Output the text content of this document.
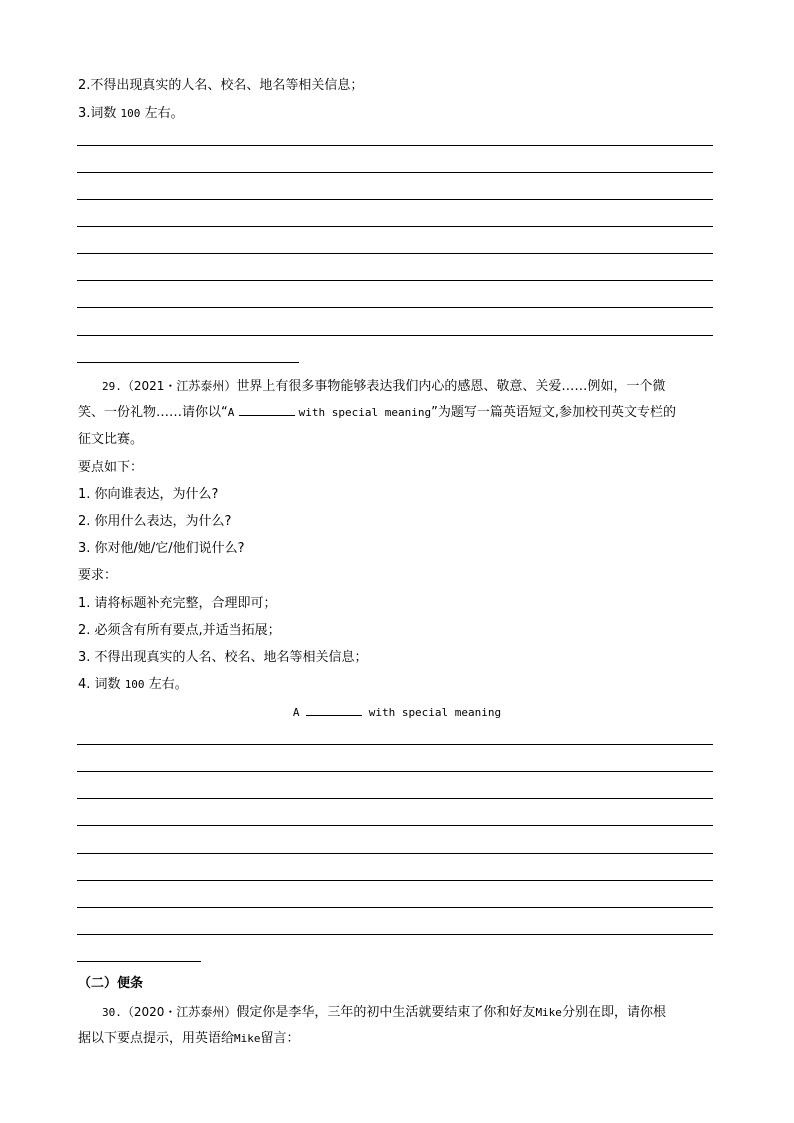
2.不得出现真实的人名、校名、地名等相关信息；
3.词数 100 左右。
29.（2021・江苏泰州）世界上有很多事物能够表达我们内心的感恩、敬意、关爱……例如，一个微
笑、一份礼物……请你以“A	with special meaning”为题写一篇英语短文,参加校刊英文专栏的
征文比赛。
要点如下：
1. 你向谁表达，为什么?
2. 你用什么表达，为什么?
3. 你对他/她/它/他们说什么?
要求：
1. 请将标题补充完整，合理即可；
2. 必须含有所有要点,并适当拓展；
3. 不得出现真实的人名、校名、地名等相关信息；
4. 词数 100 左右。
A	with special meaning
（二）便条
30.（2020・江苏泰州）假定你是李华，三年的初中生活就要结束了你和好友Mike分别在即，请你根
据以下要点提示，用英语给Mike留言：
